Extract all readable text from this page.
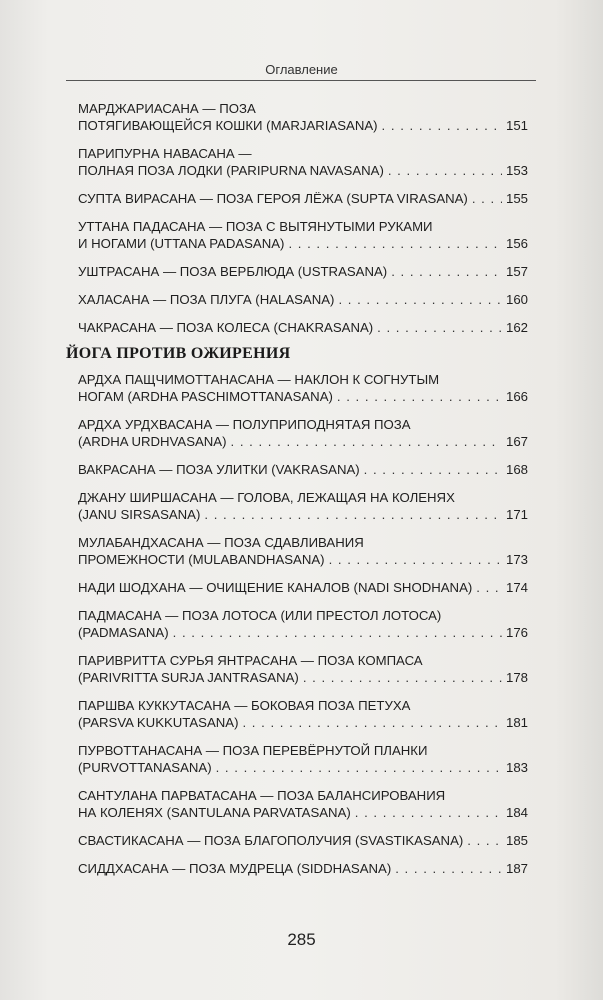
Оглавление
МАРДЖАРИАСАНА — ПОЗА
ПОТЯГИВАЮЩЕЙСЯ КОШКИ (MARJARIASANA) . . .	151
ПАРИПУРНА НАВАСАНА —
ПОЛНАЯ ПОЗА ЛОДКИ (PARIPURNA NAVASANA) . . .	153
СУПТА ВИРАСАНА — ПОЗА ГЕРОЯ ЛЁЖА (SUPTA VIRASANA) . . .	155
УТТАНА ПАДАСАНА — ПОЗА С ВЫТЯНУТЫМИ РУКАМИ
И НОГАМИ (UTTANA PADASANA) . . .	156
УШТРАСАНА — ПОЗА ВЕРБЛЮДА (USTRASANA) . . .	157
ХАЛАСАНА — ПОЗА ПЛУГА (HALASANA) . . .	160
ЧАКРАСАНА — ПОЗА КОЛЕСА (CHAKRASANA) . . .	162
ЙОГА ПРОТИВ ОЖИРЕНИЯ
АРДХА ПАЩЧИМОТТАНАСАНА — НАКЛОН К СОГНУТЫМ
НОГАМ (ARDHA PASCHIMOTTANASANA) . . .	166
АРДХА УРДХВАСАНА — ПОЛУПРИПОДНЯТАЯ ПОЗА
(ARDHA URDHVASANA) . . .	167
ВАКРАСАНА — ПОЗА УЛИТКИ (VAKRASANA) . . .	168
ДЖАНУ ШИРШАСАНА — ГОЛОВА, ЛЕЖАЩАЯ НА КОЛЕНЯХ
(JANU SIRSASANA) . . .	171
МУЛАБАНДХАСАНА — ПОЗА СДАВЛИВАНИЯ
ПРОМЕЖНОСТИ (MULABANDHASANA) . . .	173
НАДИ ШОДХАНА — ОЧИЩЕНИЕ КАНАЛОВ (NADI SHODHANA) . . .	174
ПАДМАСАНА — ПОЗА ЛОТОСА (ИЛИ ПРЕСТОЛ ЛОТОСА)
(PADMASANA) . . .	176
ПАРИВРИТТА СУРЬЯ ЯНТРАСАНА — ПОЗА КОМПАСА
(PARIVRITTA SURJA JANTRASANA) . . .	178
ПАРШВА КУККУТАСАНА — БОКОВАЯ ПОЗА ПЕТУХА
(PARSVA KUKKUTASANA) . . .	181
ПУРВОТТАНАСАНА — ПОЗА ПЕРЕВЁРНУТОЙ ПЛАНКИ
(PURVOTTANASANA) . . .	183
САНТУЛАНА ПАРВАТАСАНА — ПОЗА БАЛАНСИРОВАНИЯ
НА КОЛЕНЯХ (SANTULANA PARVATASANA) . . .	184
СВАСТИКАСАНА — ПОЗА БЛАГОПОЛУЧИЯ (SVASTIKASANA) . . .	185
СИДДХАСАНА — ПОЗА МУДРЕЦА (SIDDHASANA) . . .	187
285
